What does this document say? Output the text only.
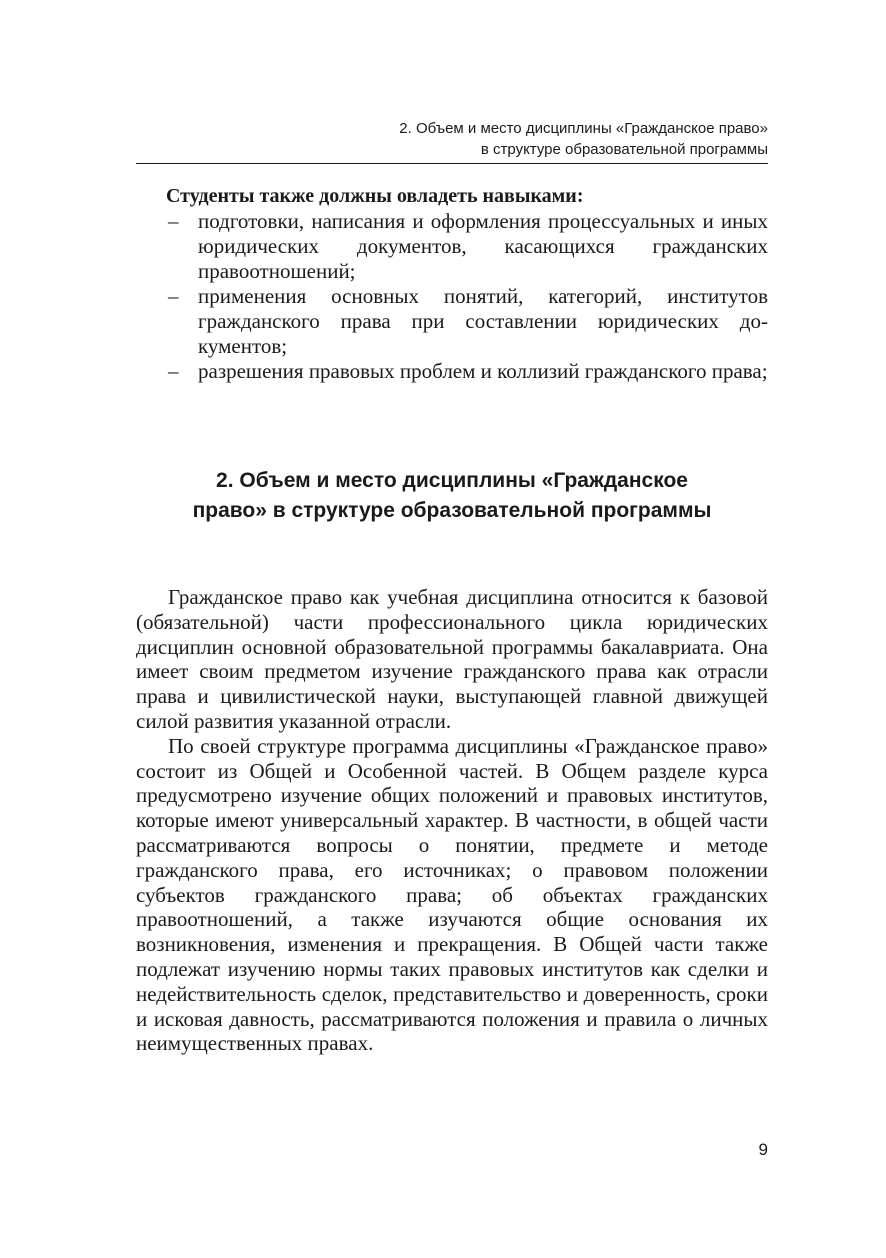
2. Объем и место дисциплины «Гражданское право»
в структуре образовательной программы

Студенты также должны овладеть навыками:

– подготовки, написания и оформления процессуальных и иных юридических документов, касающихся гражданских правоотношений;
– применения основных понятий, категорий, институтов гражданского права при составлении юридических документов;
– разрешения правовых проблем и коллизий гражданского права;
2. Объем и место дисциплины «Гражданское
право» в структуре образовательной программы

Гражданское право как учебная дисциплина относится к базовой (обязательной) части профессионального цикла юридических дисциплин основной образовательной программы бакалавриата. Она имеет своим предметом изучение гражданского права как отрасли права и цивилистической науки, выступающей главной движущей силой развития указанной отрасли.

По своей структуре программа дисциплины «Гражданское право» состоит из Общей и Особенной частей. В Общем разделе курса предусмотрено изучение общих положений и правовых институтов, которые имеют универсальный характер. В частности, в общей части рассматриваются вопросы о понятии, предмете и методе гражданского права, его источниках; о правовом положении субъектов гражданского права; об объектах гражданских правоотношений, а также изучаются общие основания их возникновения, изменения и прекращения. В Общей части также подлежат изучению нормы таких правовых институтов как сделки и недействительность сделок, представительство и доверенность, сроки и исковая давность, рассматриваются положения и правила о личных неимущественных правах.

9
